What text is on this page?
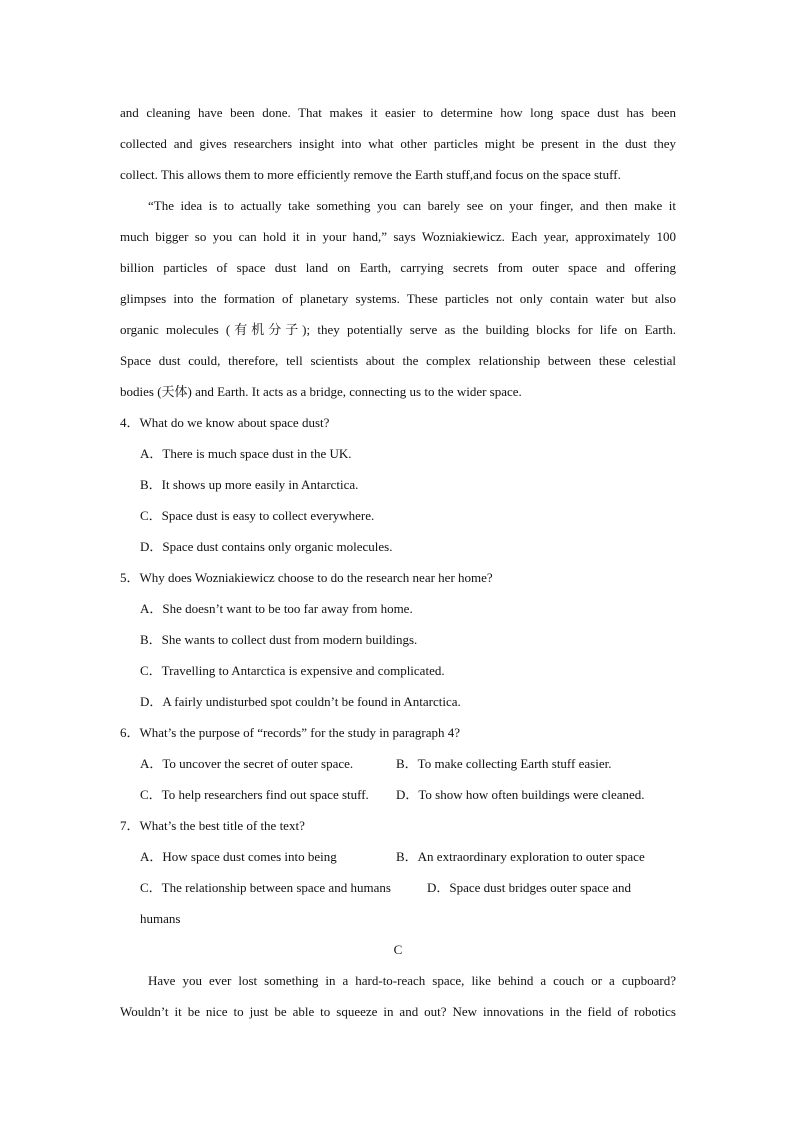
and cleaning have been done. That makes it easier to determine how long space dust has been
collected and gives researchers insight into what other particles might be present in the dust they
collect. This allows them to more efficiently remove the Earth stuff,and focus on the space stuff.
“The idea is to actually take something you can barely see on your finger, and then make it
much bigger so you can hold it in your hand,” says Wozniakiewicz. Each year, approximately 100
billion particles of space dust land on Earth, carrying secrets from outer space and offering
glimpses into the formation of planetary systems. These particles not only contain water but also
organic molecules (有机分子); they potentially serve as the building blocks for life on Earth.
Space dust could, therefore, tell scientists about the complex relationship between these celestial
bodies (天体) and Earth. It acts as a bridge, connecting us to the wider space.
4．What do we know about space dust?
A．There is much space dust in the UK.
B．It shows up more easily in Antarctica.
C．Space dust is easy to collect everywhere.
D．Space dust contains only organic molecules.
5．Why does Wozniakiewicz choose to do the research near her home?
A．She doesn’t want to be too far away from home.
B．She wants to collect dust from modern buildings.
C．Travelling to Antarctica is expensive and complicated.
D．A fairly undisturbed spot couldn’t be found in Antarctica.
6．What’s the purpose of “records” for the study in paragraph 4?
A．To uncover the secret of outer space.	B．To make collecting Earth stuff easier.
C．To help researchers find out space stuff.	D．To show how often buildings were cleaned.
7．What’s the best title of the text?
A．How space dust comes into being	B．An extraordinary exploration to outer space
C．The relationship between space and humans	D．Space dust bridges outer space and
humans
C
Have you ever lost something in a hard-to-reach space, like behind a couch or a cupboard?
Wouldn’t it be nice to just be able to squeeze in and out? New innovations in the field of robotics
